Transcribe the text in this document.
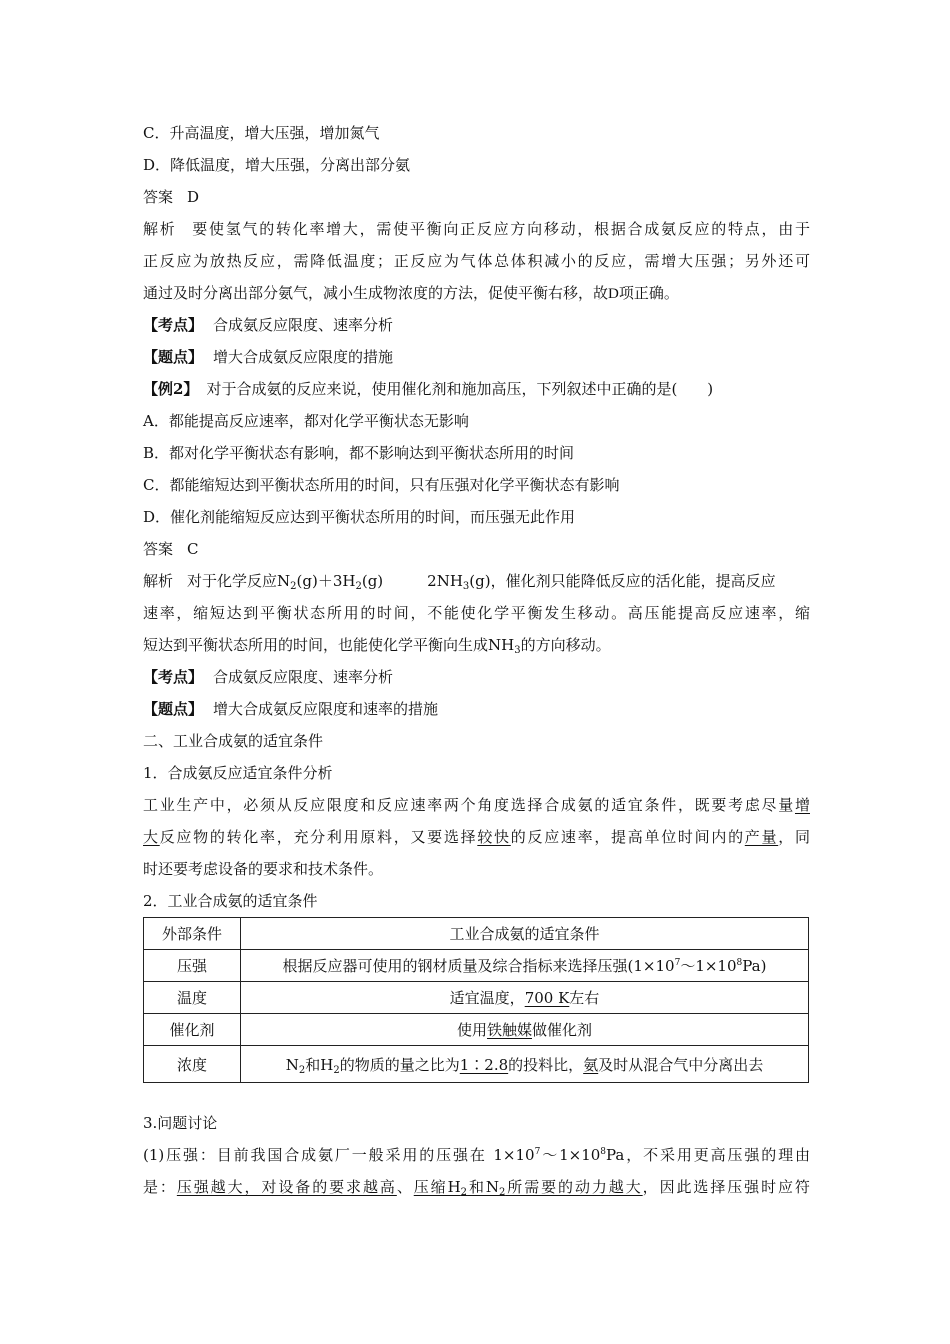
C．升高温度，增大压强，增加氮气
D．降低温度，增大压强，分离出部分氨
答案 D
解析 要使氢气的转化率增大，需使平衡向正反应方向移动，根据合成氨反应的特点，由于
正反应为放热反应，需降低温度；正反应为气体总体积减小的反应，需增大压强；另外还可
通过及时分离出部分氨气，减小生成物浓度的方法，促使平衡右移，故D项正确。
【考点】 合成氨反应限度、速率分析
【题点】 增大合成氨反应限度的措施
【例2】 对于合成氨的反应来说，使用催化剂和施加高压，下列叙述中正确的是(　　)
A．都能提高反应速率，都对化学平衡状态无影响
B．都对化学平衡状态有影响，都不影响达到平衡状态所用的时间
C．都能缩短达到平衡状态所用的时间，只有压强对化学平衡状态有影响
D．催化剂能缩短反应达到平衡状态所用的时间，而压强无此作用
答案 C
解析 对于化学反应$N_2(g)+3H_2(g)$	$2NH_3(g)$，催化剂只能降低反应的活化能，提高反应
速率，缩短达到平衡状态所用的时间，不能使化学平衡发生移动。高压能提高反应速率，缩
短达到平衡状态所用的时间，也能使化学平衡向生成$NH_3$的方向移动。
【考点】 合成氨反应限度、速率分析
【题点】 增大合成氨反应限度和速率的措施
二、工业合成氨的适宜条件
1．合成氨反应适宜条件分析
工业生产中，必须从反应限度和反应速率两个角度选择合成氨的适宜条件，既要考虑尽量增
大反应物的转化率，充分利用原料，又要选择较快的反应速率，提高单位时间内的产量，同
时还要考虑设备的要求和技术条件。
2．工业合成氨的适宜条件
外部条件	工业合成氨的适宜条件
压强	根据反应器可使用的钢材质量及综合指标来选择压强$(1\times 10^7\sim 1\times 10^8Pa)$
温度	适宜温度，700 K左右
催化剂	使用铁触媒做催化剂
浓度	$N_2$和$H_2$的物质的量之比为1∶2.8的投料比，氨及时从混合气中分离出去
3.问题讨论
(1)压强：目前我国合成氨厂一般采用的压强在 $1\times 10^7\sim 1\times 10^8Pa$，不采用更高压强的理由
是：压强越大，对设备的要求越高、压缩$H_2$和$N_2$所需要的动力越大，因此选择压强时应符
